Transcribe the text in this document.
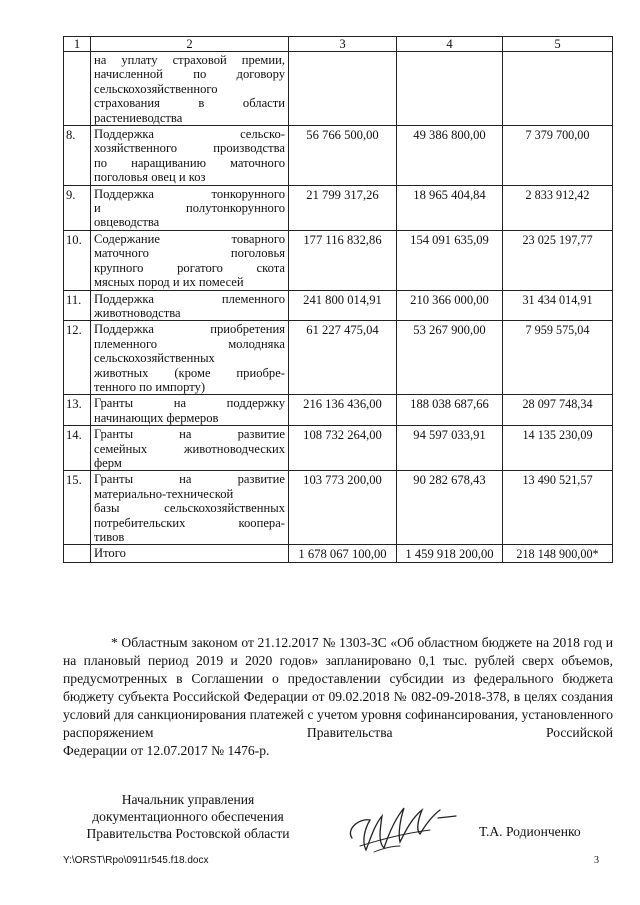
1	2	3	4	5

	на уплату страховой премии,
начисленной по договору
сельскохозяйственного
страхования в области
растениеводства			

8.	Поддержка сельско-
хозяйственного производства
по наращиванию маточного
поголовья овец и коз	56 766 500,00	49 386 800,00	7 379 700,00
9.	Поддержка тонкорунного
и полутонкорунного
овцеводства	21 799 317,26	18 965 404,84	2 833 912,42
10.	Содержание товарного
маточного поголовья
крупного рогатого скота
мясных пород и их помесей	177 116 832,86	154 091 635,09	23 025 197,77
11.	Поддержка племенного
животноводства	241 800 014,91	210 366 000,00	31 434 014,91
12.	Поддержка приобретения
племенного молодняка
сельскохозяйственных
животных (кроме приобре-
тенного по импорту)	61 227 475,04	53 267 900,00	7 959 575,04
13.	Гранты на поддержку
начинающих фермеров	216 136 436,00	188 038 687,66	28 097 748,34
14.	Гранты на развитие
семейных животноводческих
ферм	108 732 264,00	94 597 033,91	14 135 230,09
15.	Гранты на развитие
материально-технической
базы сельскохозяйственных
потребительских коопера-
тивов	103 773 200,00	90 282 678,43	13 490 521,57

	Итого	1 678 067 100,00	1 459 918 200,00	218 148 900,00*

* Областным законом от 21.12.2017 № 1303-ЗС «Об областном бюджете на 2018 год и на плановый период 2019 и 2020 годов» запланировано 0,1 тыс. рублей сверх объемов, предусмотренных в Соглашении о предоставлении субсидии из федерального бюджета бюджету субъекта Российской Федерации от 09.02.2018 № 082-09-2018-378, в целях создания условий для санкционирования платежей с учетом уровня софинансирования, установленного распоряжением Правительства Российской
Федерации от 12.07.2017 № 1476-р.

Начальник управления
документационного обеспечения
Правительства Ростовской области	Т.А. Родионченко
Y:\ORST\Rpo\0911r545.f18.docx	3
